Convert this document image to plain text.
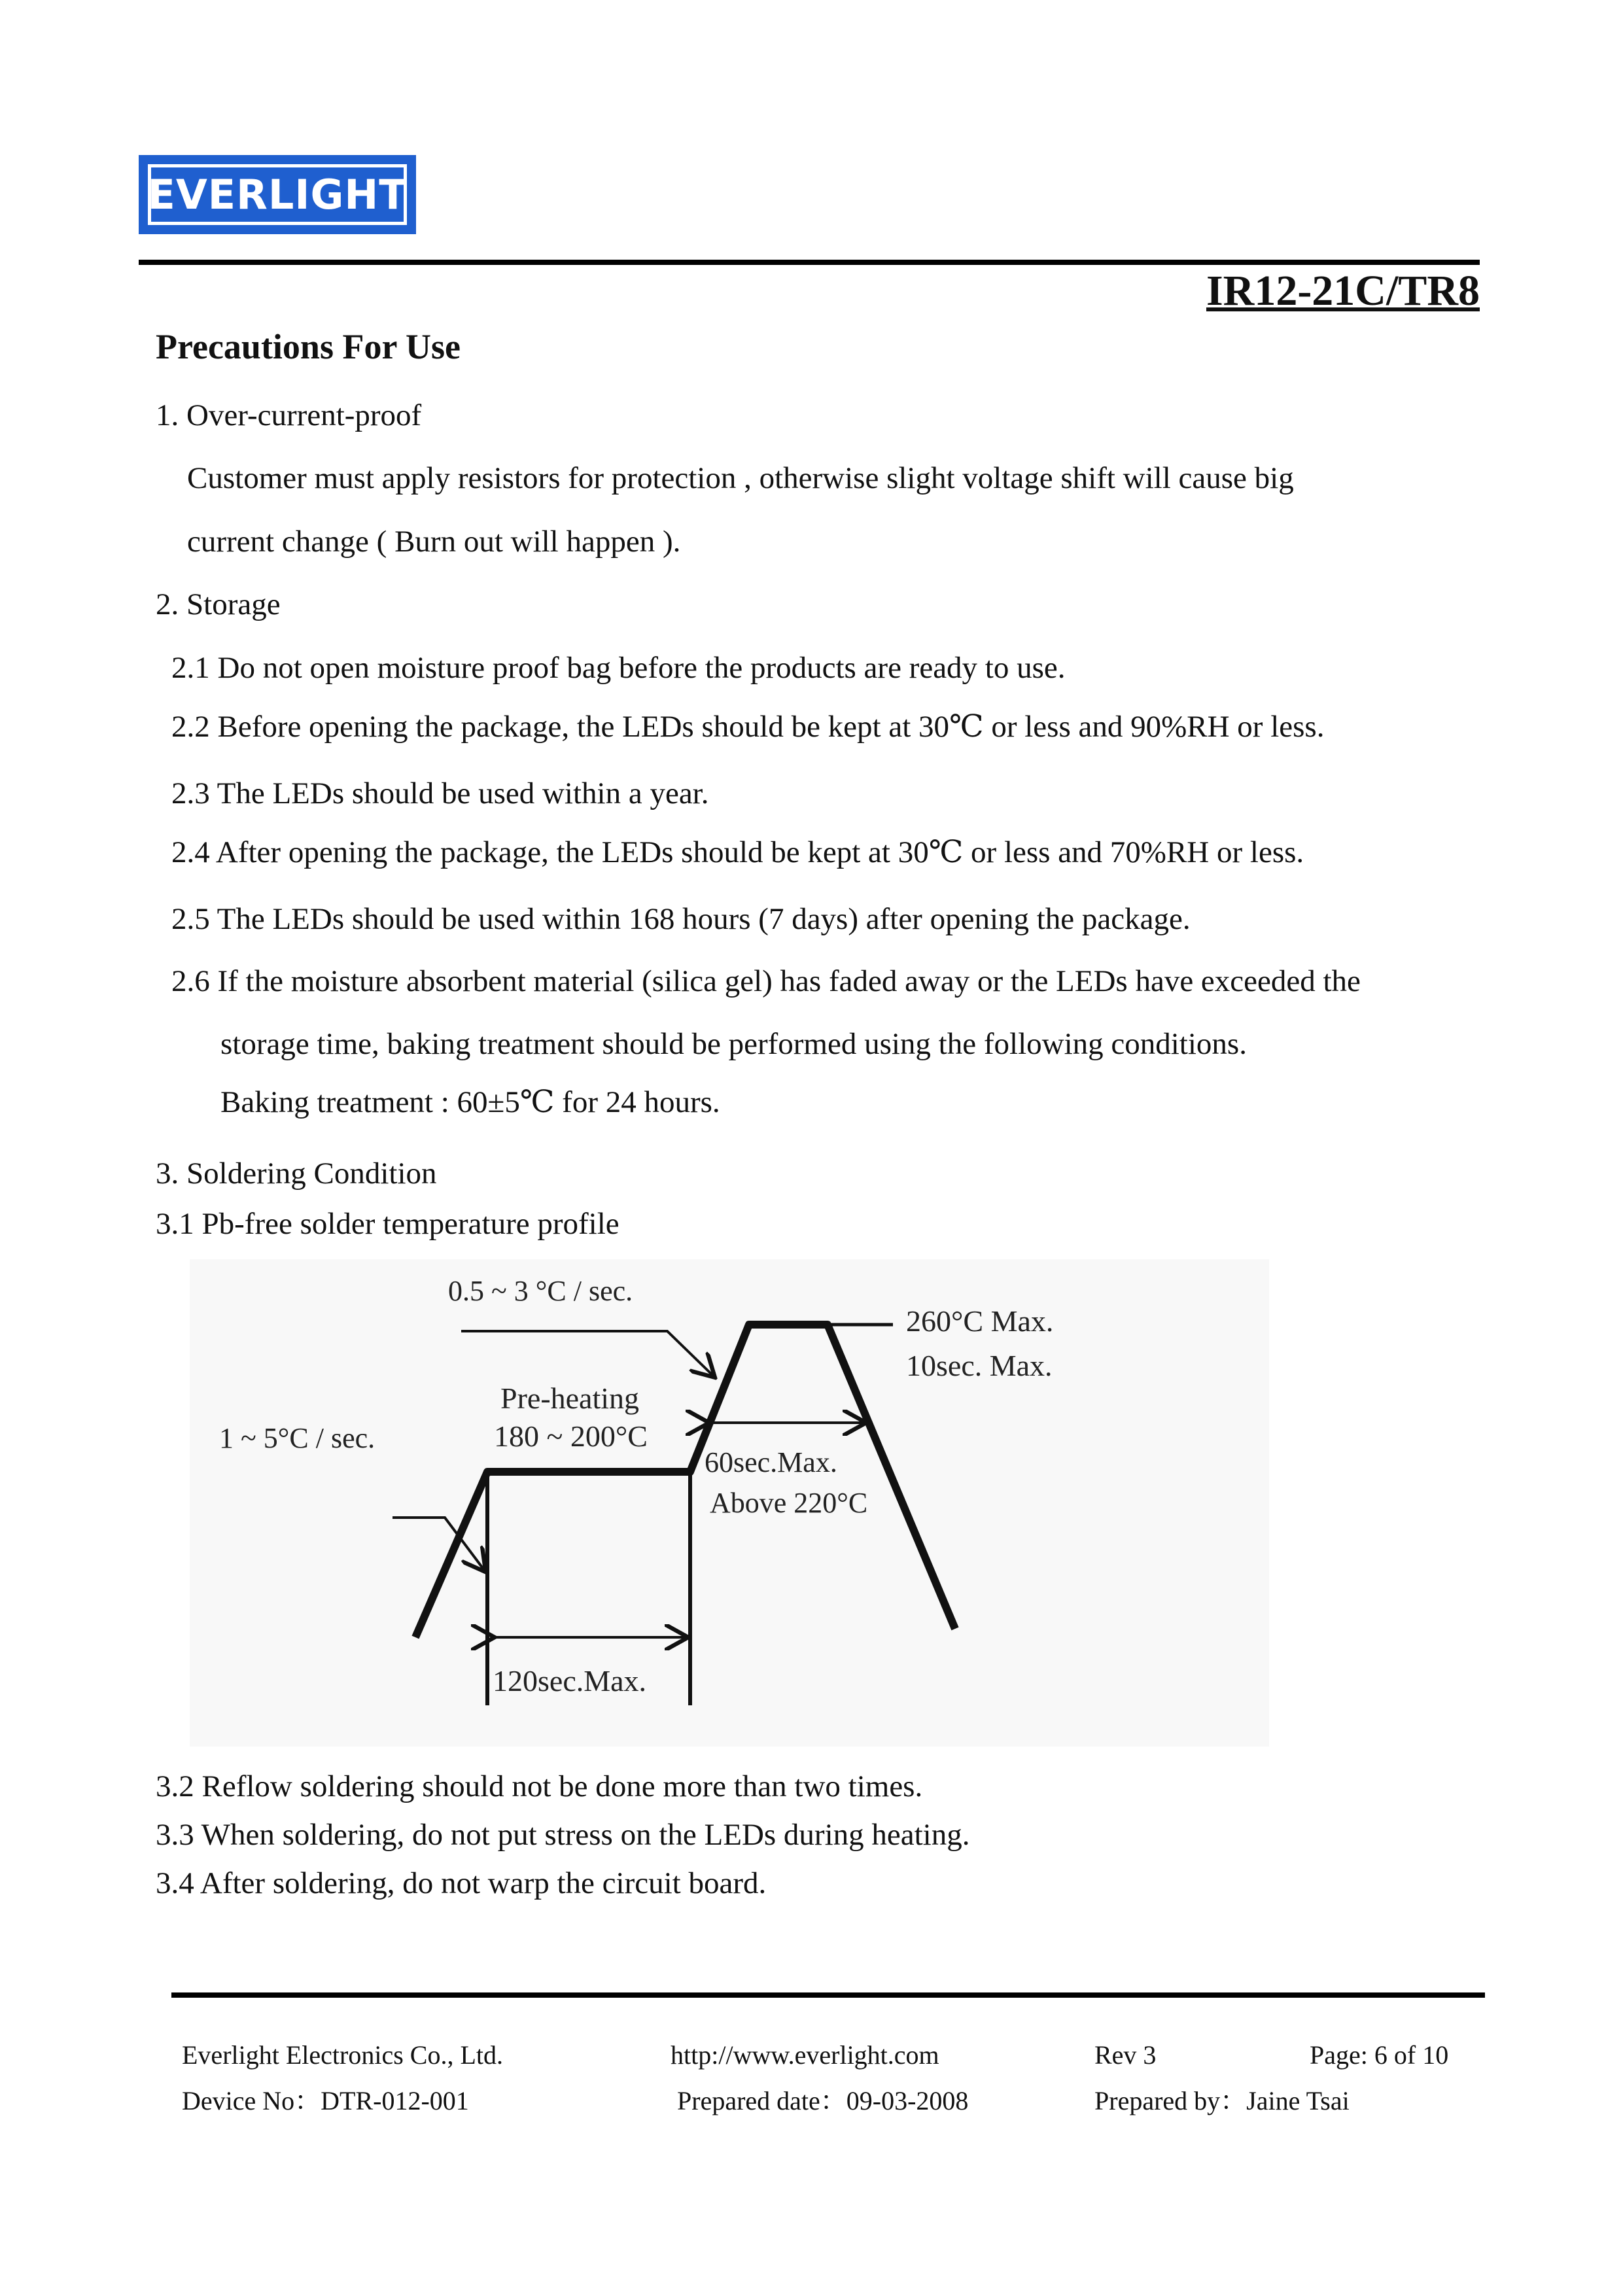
EVERLIGHT
IR12-21C/TR8
Precautions For Use
1. Over-current-proof
Customer must apply resistors for protection , otherwise slight voltage shift will cause big
current change ( Burn out will happen ).
2. Storage
2.1 Do not open moisture proof bag before the products are ready to use.
2.2 Before opening the package, the LEDs should be kept at 30℃ or less and 90%RH or less.
2.3 The LEDs should be used within a year.
2.4 After opening the package, the LEDs should be kept at 30℃ or less and 70%RH or less.
2.5 The LEDs should be used within 168 hours (7 days) after opening the package.
2.6 If the moisture absorbent material (silica gel) has faded away or the LEDs have exceeded the
storage time, baking treatment should be performed using the following conditions.
Baking treatment : 60±5℃ for 24 hours.
3. Soldering Condition
3.1 Pb-free solder temperature profile
0.5 ~ 3 °C / sec.
1 ~ 5°C / sec.
Pre-heating
180 ~ 200°C
260°C Max.
10sec. Max.
60sec.Max.
Above 220°C
120sec.Max.
3.2 Reflow soldering should not be done more than two times.
3.3 When soldering, do not put stress on the LEDs during heating.
3.4 After soldering, do not warp the circuit board.
Everlight Electronics Co., Ltd.	http://www.everlight.com	Rev 3	Page: 6 of 10
Device No：DTR-012-001	Prepared date：09-03-2008	Prepared by：Jaine Tsai
